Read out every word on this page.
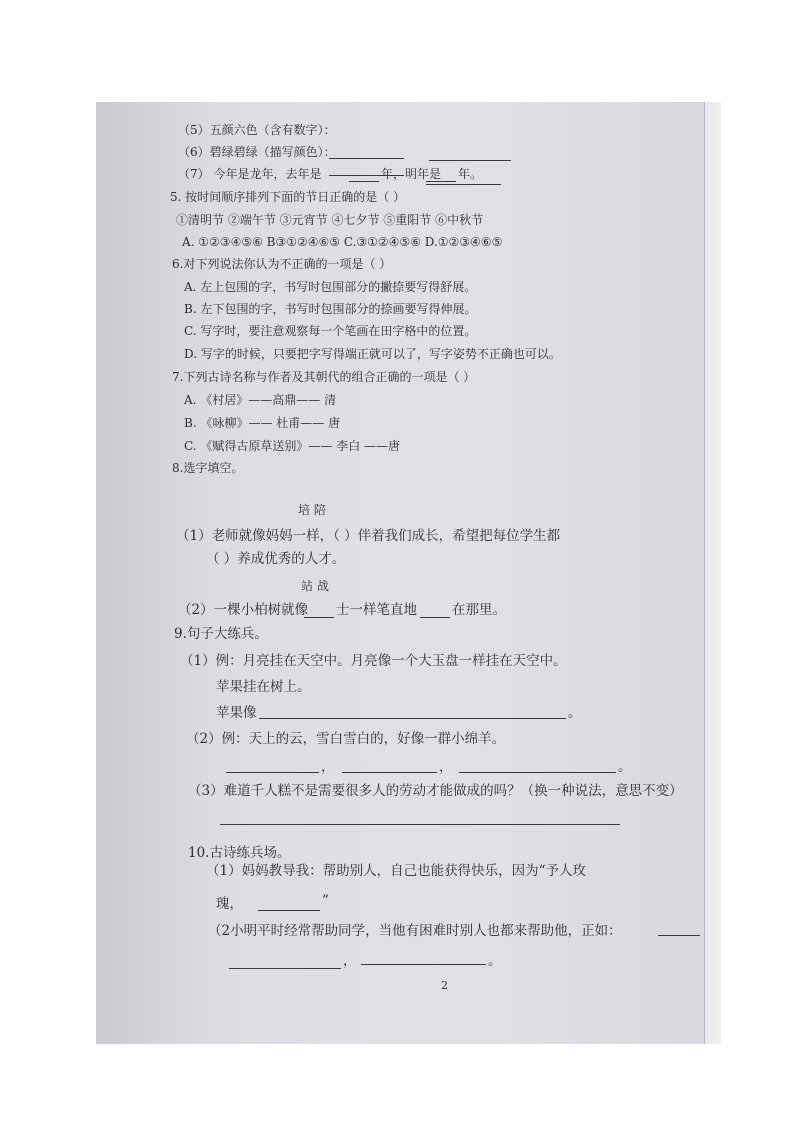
（5）五颜六色（含有数字）：

（6）碧绿碧绿（描写颜色）：

（7） 今年是龙年，去年是	年，明年是 年。

5. 按时间顺序排列下面的节日正确的是（ ）

①清明节 ②端午节 ③元宵节 ④七夕节 ⑤重阳节 ⑥中秋节

A. ①②③④⑤⑥ B③①②④⑥⑤ C.③①②④⑤⑥ D.①②③④⑥⑤

6.对下列说法你认为不正确的一项是（ ）

A. 左上包围的字，书写时包围部分的撇捺要写得舒展。

B. 左下包围的字，书写时包围部分的捺画要写得伸展。

C. 写字时，要注意观察每一个笔画在田字格中的位置。

D. 写字的时候，只要把字写得端正就可以了，写字姿势不正确也可以。

7.下列古诗名称与作者及其朝代的组合正确的一项是（ ）

A. 《村居》——高鼎—— 清

B. 《咏柳》—— 杜甫—— 唐

C. 《赋得古原草送别》—— 李白 ——唐

8.选字填空。

培 陪

（1）老师就像妈妈一样，（ ）伴着我们成长，希望把每位学生都

（ ）养成优秀的人才。

站 战

（2）一棵小柏树就像 士一样笔直地	在那里。

9.句子大练兵。

（1）例：月亮挂在天空中。月亮像一个大玉盘一样挂在天空中。

苹果挂在树上。

苹果像	。

（2）例：天上的云，雪白雪白的，好像一群小绵羊。

，	，	。

（3）难道千人糕不是需要很多人的劳动才能做成的吗？（换一种说法，意思不变）

10.古诗练兵场。

（1）妈妈教导我：帮助别人，自己也能获得快乐，因为“予人玫

瑰，	”

（2小明平时经常帮助同学，当他有困难时别人也都来帮助他，正如：

，	。

2
